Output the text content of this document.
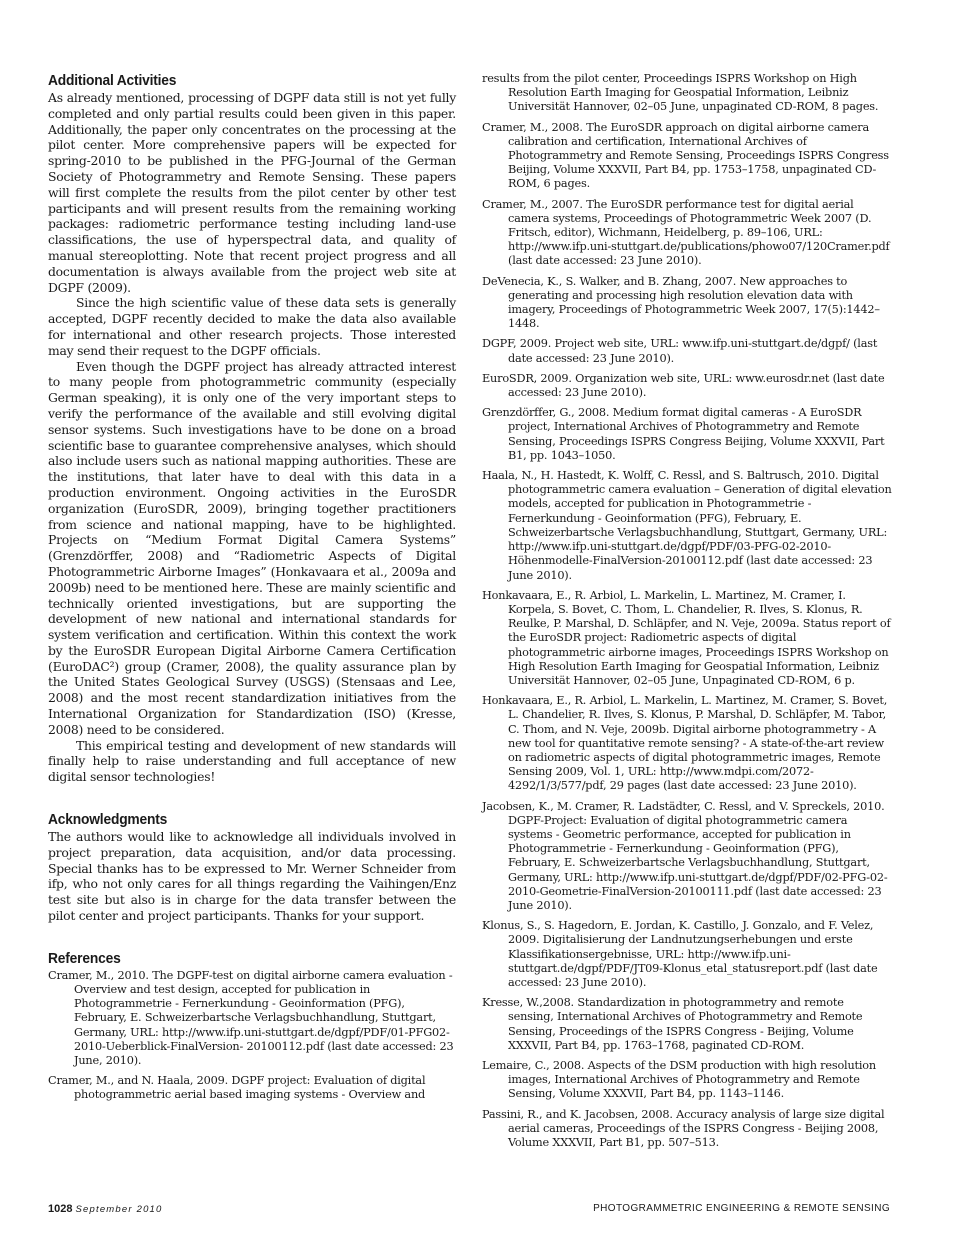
Additional Activities

As already mentioned, processing of DGPF data still is not yet fully completed and only partial results could been given in this paper. Additionally, the paper only concentrates on the processing at the pilot center. More comprehensive papers will be expected for spring-2010 to be published in the PFG-Journal of the German Society of Photogrammetry and Remote Sensing. These papers will first complete the results from the pilot center by other test participants and will present results from the remaining working packages: radiometric performance testing including land-use classifications, the use of hyperspectral data, and quality of manual stereoplotting. Note that recent project progress and all documentation is always available from the project web site at DGPF (2009).

Since the high scientific value of these data sets is generally accepted, DGPF recently decided to make the data also available for international and other research projects. Those interested may send their request to the DGPF officials.

Even though the DGPF project has already attracted interest to many people from photogrammetric community (especially German speaking), it is only one of the very important steps to verify the performance of the available and still evolving digital sensor systems. Such investigations have to be done on a broad scientific base to guarantee comprehensive analyses, which should also include users such as national mapping authorities. These are the institutions, that later have to deal with this data in a production environment. Ongoing activities in the EuroSDR organization (EuroSDR, 2009), bringing together practitioners from science and national mapping, have to be highlighted. Projects on “Medium Format Digital Camera Systems” (Grenzdörffer, 2008) and “Radiometric Aspects of Digital Photogrammetric Airborne Images” (Honkavaara et al., 2009a and 2009b) need to be mentioned here. These are mainly scientific and technically oriented investigations, but are supporting the development of new national and international standards for system verification and certification. Within this context the work by the EuroSDR European Digital Airborne Camera Certification (EuroDAC²) group (Cramer, 2008), the quality assurance plan by the United States Geological Survey (USGS) (Stensaas and Lee, 2008) and the most recent standardization initiatives from the International Organization for Standardization (ISO) (Kresse, 2008) need to be considered.

This empirical testing and development of new standards will finally help to raise understanding and full acceptance of new digital sensor technologies!

Acknowledgments

The authors would like to acknowledge all individuals involved in project preparation, data acquisition, and/or data processing. Special thanks has to be expressed to Mr. Werner Schneider from ifp, who not only cares for all things regarding the Vaihingen/Enz test site but also is in charge for the data transfer between the pilot center and project participants. Thanks for your support.

References

Cramer, M., 2010. The DGPF-test on digital airborne camera evaluation - Overview and test design, accepted for publication in Photogrammetrie - Fernerkundung - Geoinformation (PFG), February, E. Schweizerbartsche Verlagsbuchhandlung, Stuttgart, Germany, URL: http://www.ifp.uni-stuttgart.de/dgpf/PDF/01-PFG02-2010-Ueberblick-FinalVersion- 20100112.pdf (last date accessed: 23 June, 2010).

Cramer, M., and N. Haala, 2009. DGPF project: Evaluation of digital photogrammetric aerial based imaging systems - Overview and

results from the pilot center, Proceedings ISPRS Workshop on High Resolution Earth Imaging for Geospatial Information, Leibniz Universität Hannover, 02–05 June, unpaginated CD-ROM, 8 pages.

Cramer, M., 2008. The EuroSDR approach on digital airborne camera calibration and certification, International Archives of Photogrammetry and Remote Sensing, Proceedings ISPRS Congress Beijing, Volume XXXVII, Part B4, pp. 1753–1758, unpaginated CD-ROM, 6 pages.

Cramer, M., 2007. The EuroSDR performance test for digital aerial camera systems, Proceedings of Photogrammetric Week 2007 (D. Fritsch, editor), Wichmann, Heidelberg, p. 89–106, URL: http://www.ifp.uni-stuttgart.de/publications/phowo07/120Cramer.pdf (last date accessed: 23 June 2010).

DeVenecia, K., S. Walker, and B. Zhang, 2007. New approaches to generating and processing high resolution elevation data with imagery, Proceedings of Photogrammetric Week 2007, 17(5):1442–1448.

DGPF, 2009. Project web site, URL: www.ifp.uni-stuttgart.de/dgpf/ (last date accessed: 23 June 2010).

EuroSDR, 2009. Organization web site, URL: www.eurosdr.net (last date accessed: 23 June 2010).

Grenzdörffer, G., 2008. Medium format digital cameras - A EuroSDR project, International Archives of Photogrammetry and Remote Sensing, Proceedings ISPRS Congress Beijing, Volume XXXVII, Part B1, pp. 1043–1050.

Haala, N., H. Hastedt, K. Wolff, C. Ressl, and S. Baltrusch, 2010. Digital photogrammetric camera evaluation – Generation of digital elevation models, accepted for publication in Photogrammetrie - Fernerkundung - Geoinformation (PFG), February, E. Schweizerbartsche Verlagsbuchhandlung, Stuttgart, Germany, URL: http://www.ifp.uni-stuttgart.de/dgpf/PDF/03-PFG-02-2010-Höhenmodelle-FinalVersion-20100112.pdf (last date accessed: 23 June 2010).

Honkavaara, E., R. Arbiol, L. Markelin, L. Martinez, M. Cramer, I. Korpela, S. Bovet, C. Thom, L. Chandelier, R. Ilves, S. Klonus, R. Reulke, P. Marshal, D. Schläpfer, and N. Veje, 2009a. Status report of the EuroSDR project: Radiometric aspects of digital photogrammetric airborne images, Proceedings ISPRS Workshop on High Resolution Earth Imaging for Geospatial Information, Leibniz Universität Hannover, 02–05 June, Unpaginated CD-ROM, 6 p.

Honkavaara, E., R. Arbiol, L. Markelin, L. Martinez, M. Cramer, S. Bovet, L. Chandelier, R. Ilves, S. Klonus, P. Marshal, D. Schläpfer, M. Tabor, C. Thom, and N. Veje, 2009b. Digital airborne photogrammetry - A new tool for quantitative remote sensing? - A state-of-the-art review on radiometric aspects of digital photogrammetric images, Remote Sensing 2009, Vol. 1, URL: http://www.mdpi.com/2072-4292/1/3/577/pdf, 29 pages (last date accessed: 23 June 2010).

Jacobsen, K., M. Cramer, R. Ladstädter, C. Ressl, and V. Spreckels, 2010. DGPF-Project: Evaluation of digital photogrammetric camera systems - Geometric performance, accepted for publication in Photogrammetrie - Fernerkundung - Geoinformation (PFG), February, E. Schweizerbartsche Verlagsbuchhandlung, Stuttgart, Germany, URL: http://www.ifp.uni-stuttgart.de/dgpf/PDF/02-PFG-02-2010-Geometrie-FinalVersion-20100111.pdf (last date accessed: 23 June 2010).

Klonus, S., S. Hagedorn, E. Jordan, K. Castillo, J. Gonzalo, and F. Velez, 2009. Digitalisierung der Landnutzungserhebungen und erste Klassifikationsergebnisse, URL: http://www.ifp.uni-stuttgart.de/dgpf/PDF/JT09-Klonus_etal_statusreport.pdf (last date accessed: 23 June 2010).

Kresse, W.,2008. Standardization in photogrammetry and remote sensing, International Archives of Photogrammetry and Remote Sensing, Proceedings of the ISPRS Congress - Beijing, Volume XXXVII, Part B4, pp. 1763–1768, paginated CD-ROM.

Lemaire, C., 2008. Aspects of the DSM production with high resolution images, International Archives of Photogrammetry and Remote Sensing, Volume XXXVII, Part B4, pp. 1143–1146.

Passini, R., and K. Jacobsen, 2008. Accuracy analysis of large size digital aerial cameras, Proceedings of the ISPRS Congress - Beijing 2008, Volume XXXVII, Part B1, pp. 507–513.

1028 September 2010	PHOTOGRAMMETRIC ENGINEERING & REMOTE SENSING
